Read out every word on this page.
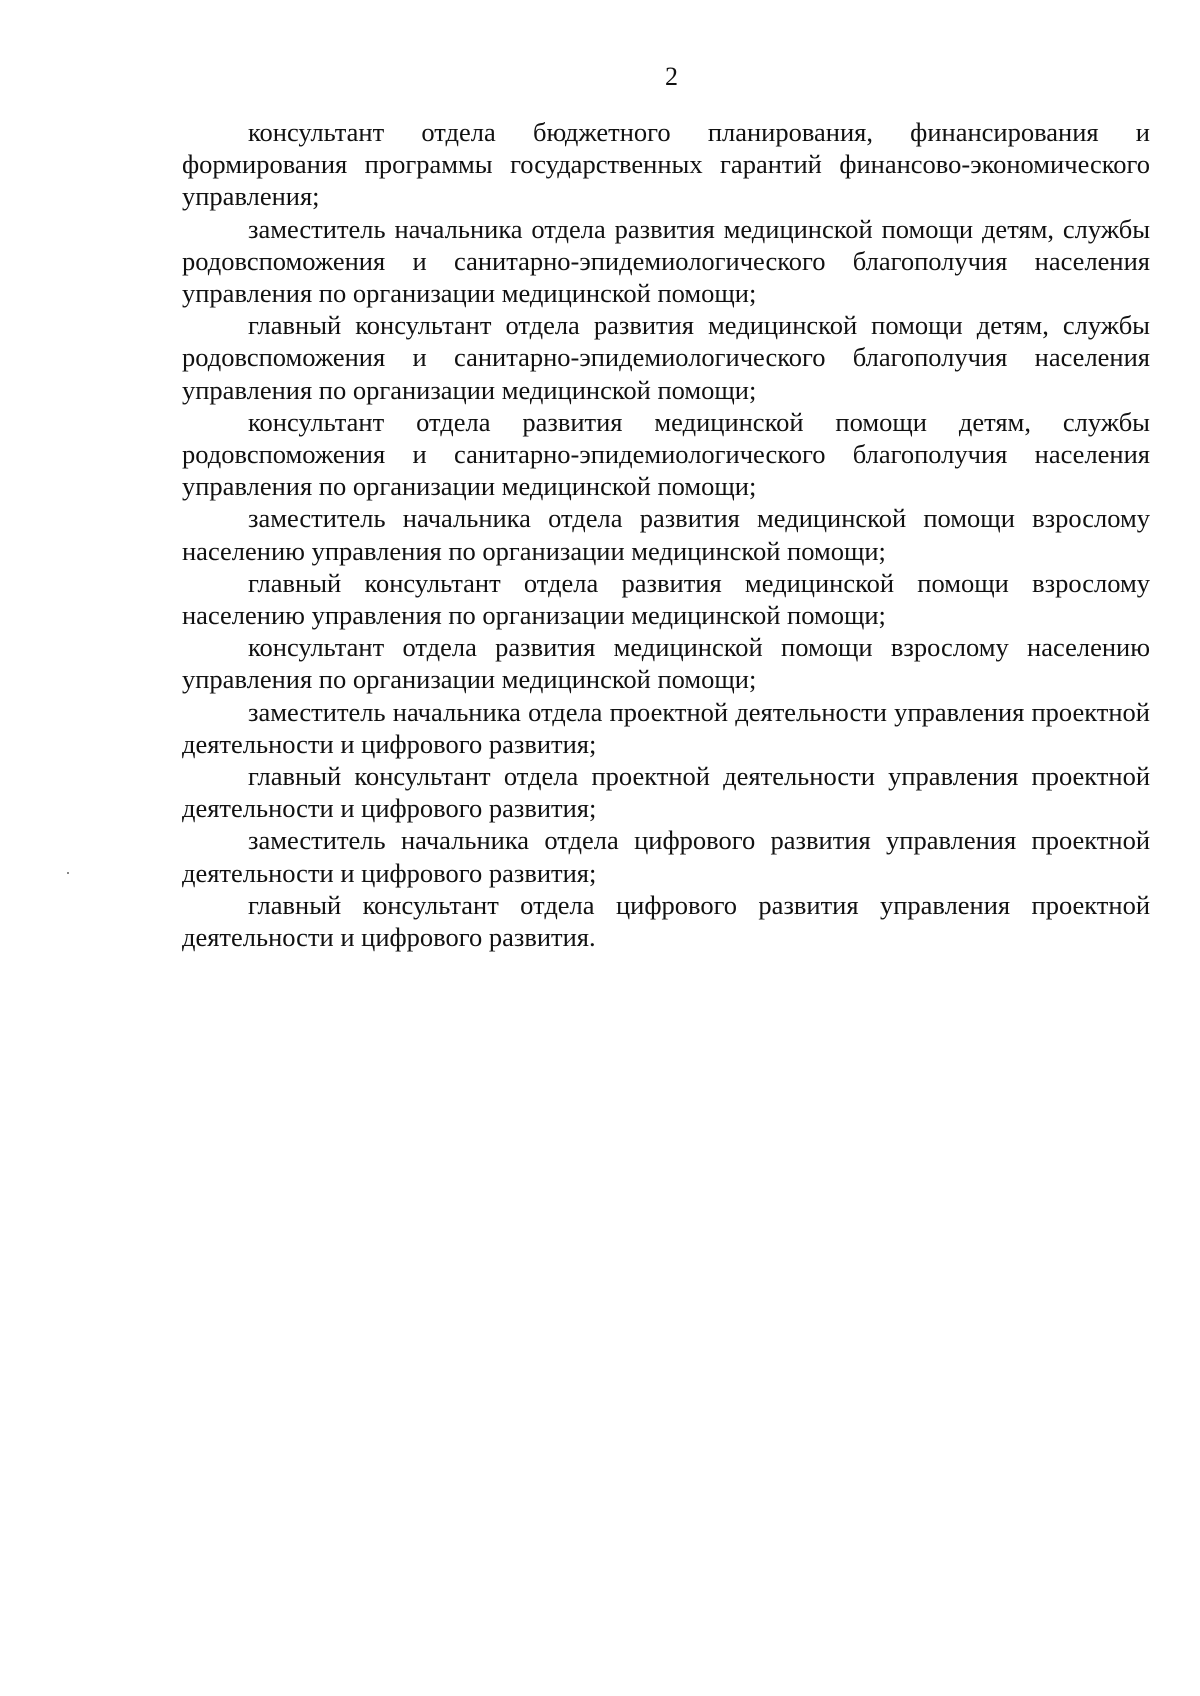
2

консультант отдела бюджетного планирования, финансирования и формирования программы государственных гарантий финансово-экономического управления;

заместитель начальника отдела развития медицинской помощи детям, службы родовспоможения и санитарно-эпидемиологического благополучия населения управления по организации медицинской помощи;

главный консультант отдела развития медицинской помощи детям, службы родовспоможения и санитарно-эпидемиологического благополучия населения управления по организации медицинской помощи;

консультант отдела развития медицинской помощи детям, службы родовспоможения и санитарно-эпидемиологического благополучия населения управления по организации медицинской помощи;

заместитель начальника отдела развития медицинской помощи взрослому населению управления по организации медицинской помощи;

главный консультант отдела развития медицинской помощи взрослому населению управления по организации медицинской помощи;

консультант отдела развития медицинской помощи взрослому населению управления по организации медицинской помощи;

заместитель начальника отдела проектной деятельности управления проектной деятельности и цифрового развития;

главный консультант отдела проектной деятельности управления проектной деятельности и цифрового развития;

заместитель начальника отдела цифрового развития управления проектной деятельности и цифрового развития;

главный консультант отдела цифрового развития управления проектной деятельности и цифрового развития.
